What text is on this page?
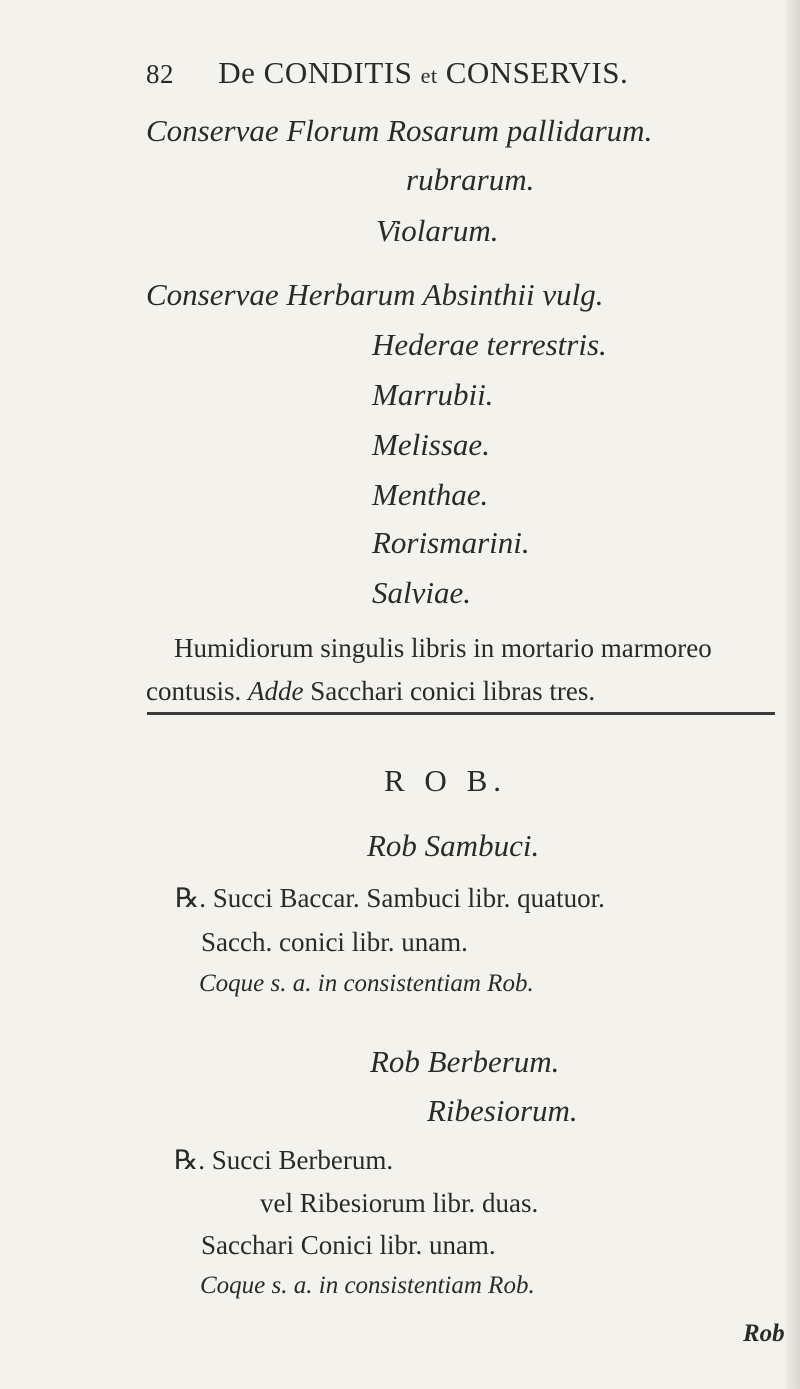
82 De CONDITIS et CONSERVIS.
Conservae Florum Rosarum pallidarum.
rubrarum.
Violarum.
Conservae Herbarum Absinthii vulg.
Hederae terrestris.
Marrubii.
Melissae.
Menthae.
Rorismarini.
Salviae.
Humidiorum singulis libris in mortario marmoreo
contusis. Adde Sacchari conici libras tres.
R O B.
Rob Sambuci.
℞. Succi Baccar. Sambuci libr. quatuor.
Sacch. conici libr. unam.
Coque s. a. in consistentiam Rob.
Rob Berberum.
Ribesiorum.
℞. Succi Berberum.
vel Ribesiorum libr. duas.
Sacchari Conici libr. unam.
Coque s. a. in consistentiam Rob.
Rob
